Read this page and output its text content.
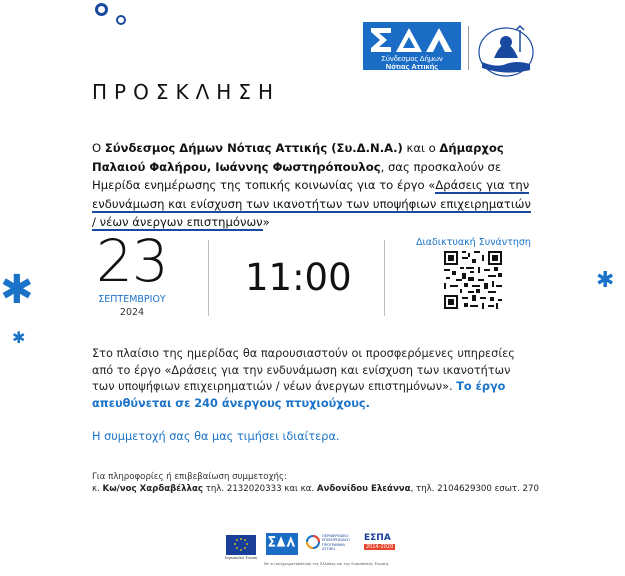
✱
✱
✱
Σύνδεσμος Δήμων
Νότιας Αττικής
ΠΡΟΣΚΛΗΣΗ
Ο Σύνδεσμος Δήμων Νότιας Αττικής (Συ.Δ.Ν.Α.) και ο Δήμαρχος Παλαιού Φαλήρου, Ιωάννης Φωστηρόπουλος, σας προσκαλούν σε Ημερίδα ενημέρωσης της τοπικής κοινωνίας για το έργο «Δράσεις για την ενδυνάμωση και ενίσχυση των ικανοτήτων των υποψήφιων επιχειρηματιών / νέων άνεργων επιστημόνων»
23
ΣΕΠΤΕΜΒΡΙΟΥ
2024
11:00
Διαδικτυακή Συνάντηση
Στο πλαίσιο της ημερίδας θα παρουσιαστούν οι προσφερόμενες υπηρεσίες από το έργο «Δράσεις για την ενδυνάμωση και ενίσχυση των ικανοτήτων των υποψήφιων επιχειρηματιών / νέων άνεργων επιστημόνων». Το έργο απευθύνεται σε 240 άνεργους πτυχιούχους.
Η συμμετοχή σας θα μας τιμήσει ιδιαίτερα.
Για πληροφορίες ή επιβεβαίωση συμμετοχής:
κ. Κω/νος Χαρδαβέλλας τηλ. 2132020333 και κα. Ανδονίδου Ελεάννα, τηλ. 2104629300 εσωτ. 270
Ευρωπαϊκή Ένωση
ΠΕΡΙΦΕΡΕΙΑΚΟ ΕΠΙΧΕΙΡΗΣΙΑΚΟ ΠΡΟΓΡΑΜΜΑ ΑΤΤΙΚΗ
ΕΣΠΑ
2014-2020
Με τη συγχρηματοδότηση της Ελλάδας και της Ευρωπαϊκής Ένωσης
